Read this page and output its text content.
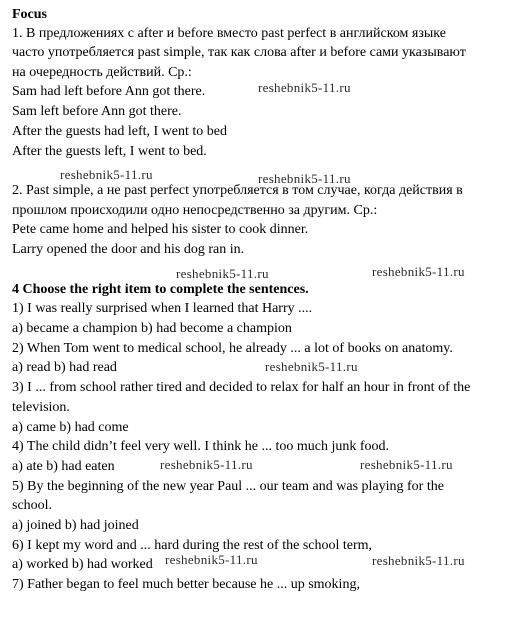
Focus
1. В предложениях с after и before вместо past perfect в английском языке
часто употребляется past simple, так как слова after и before сами указывают
на очередность действий. Ср.:
Sam had left before Ann got there.
Sam left before Ann got there.
After the guests had left, I went to bed
After the guests left, I went to bed.
2. Past simple, а не past perfect употребляется в том случае, когда действия в
прошлом происходили одно непосредственно за другим. Ср.:
Pete came home and helped his sister to cook dinner.
Larry opened the door and his dog ran in.
4 Choose the right item to complete the sentences.
1) I was really surprised when I learned that Harry ....
a) became a champion b) had become a champion
2) When Tom went to medical school, he already ... a lot of books on anatomy.
a) read b) had read
3) I ... from school rather tired and decided to relax for half an hour in front of the
television.
a) came b) had come
4) The child didn’t feel very well. I think he ... too much junk food.
a) ate b) had eaten
5) By the beginning of the new year Paul ... our team and was playing for the
school.
a) joined b) had joined
6) I kept my word and ... hard during the rest of the school term,
a) worked b) had worked
7) Father began to feel much better because he ... up smoking,
reshebnik5-11.ru
reshebnik5-11.ru	reshebnik5-11.ru
reshebnik5-11.ru	reshebnik5-11.ru
reshebnik5-11.ru
reshebnik5-11.ru	reshebnik5-11.ru
reshebnik5-11.ru	reshebnik5-11.ru
